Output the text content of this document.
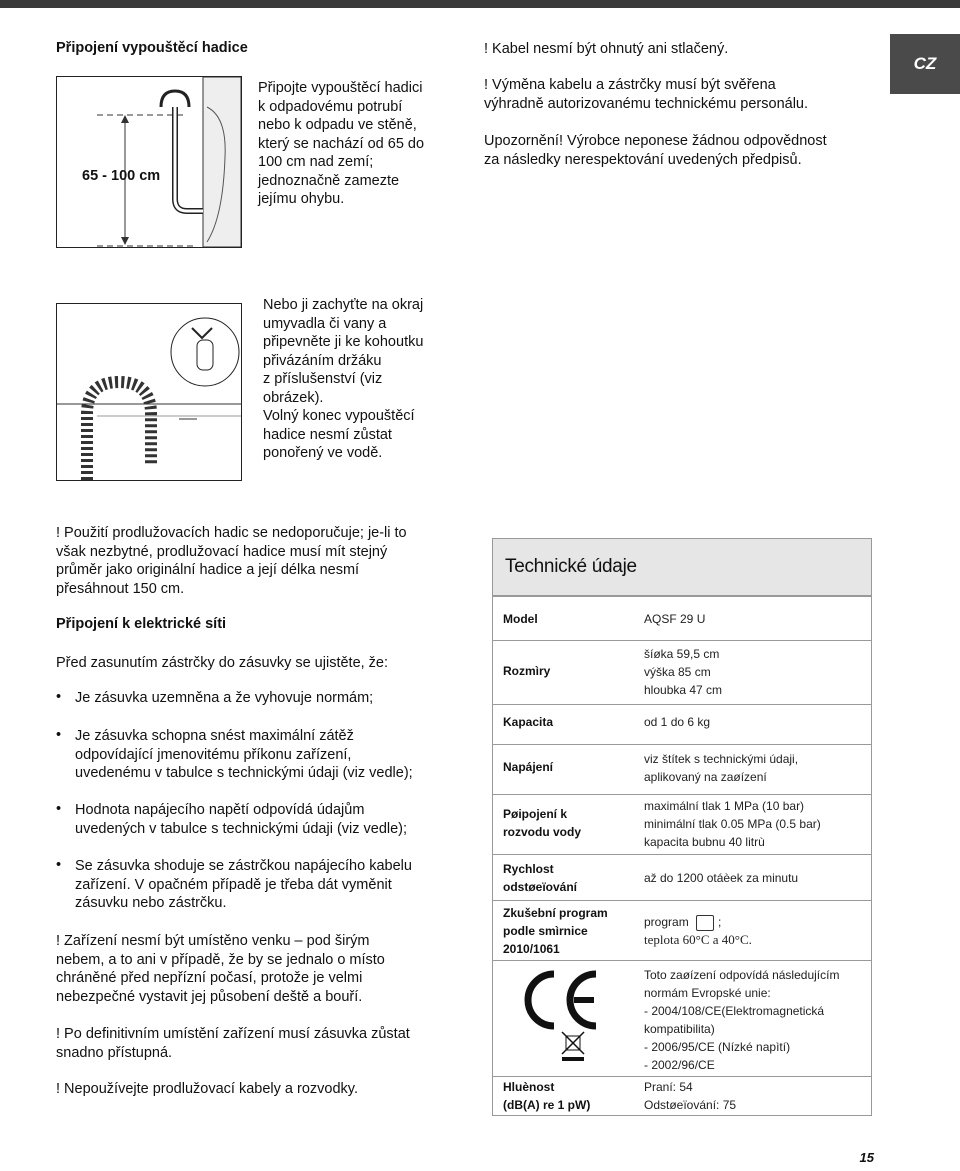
Připojení vypouštěcí hadice
65 - 100 cm
Připojte vypouštěcí hadici
k odpadovému potrubí
nebo k odpadu ve stěně,
který se nachází od 65 do
100 cm nad zemí;
jednoznačně zamezte
jejímu ohybu.
Nebo ji zachyťte na okraj
umyvadla či vany a
připevněte ji ke kohoutku
přivázáním držáku
z příslušenství (viz
obrázek).
Volný konec vypouštěcí
hadice nesmí zůstat
ponořený ve vodě.
! Použití prodlužovacích hadic se nedoporučuje; je-li to
však nezbytné, prodlužovací hadice musí mít stejný
průměr jako originální hadice a její délka nesmí
přesáhnout 150 cm.
CZ
! Kabel nesmí být ohnutý ani stlačený.
! Výměna kabelu a zástrčky musí být svěřena
výhradně autorizovanému technickému personálu.
Upozornění! Výrobce neponese žádnou odpovědnost
za následky nerespektování uvedených předpisů.
Připojení k elektrické síti
Před zasunutím zástrčky do zásuvky se ujistěte, že:
• Je zásuvka uzemněna a že vyhovuje normám;
• Je zásuvka schopna snést maximální zátěž
odpovídající jmenovitému příkonu zařízení,
uvedenému v tabulce s technickými údaji (viz vedle);
• Hodnota napájecího napětí odpovídá údajům
uvedených v tabulce s technickými údaji (viz vedle);
• Se zásuvka shoduje se zástrčkou napájecího kabelu
zařízení. V opačném případě je třeba dát vyměnit
zásuvku nebo zástrčku.
! Zařízení nesmí být umístěno venku – pod širým
nebem, a to ani v případě, že by se jednalo o místo
chráněné před nepřízní počasí, protože je velmi
nebezpečné vystavit jej působení deště a bouří.
! Po definitivním umístění zařízení musí zásuvka zůstat
snadno přístupná.
! Nepoužívejte prodlužovací kabely a rozvodky.
Technické údaje
Model	AQSF 29 U
Rozmìry
šíøka 59,5 cm
výška 85 cm
hloubka 47 cm
Kapacita	od 1 do 6 kg
Napájení
viz štítek s technickými údaji,
aplikovaný na zaøízení
Pøipojení k
rozvodu vody
maximální tlak 1 MPa (10 bar)
minimální tlak 0.05 MPa (0.5 bar)
kapacita bubnu 40 litrù
Rychlost
odstøeïování
až do 1200 otáèek za minutu
Zkušební program
podle smìrnice
2010/1061
program ;
teplota 60°C a 40°C.
Toto zaøízení odpovídá následujícím
normám Evropské unie:
- 2004/108/CE(Elektromagnetická
kompatibilita)
- 2006/95/CE (Nízké napìtí)
- 2002/96/CE
Hluènost
(dB(A) re 1 pW)
Praní: 54
Odstøeïování: 75
15
